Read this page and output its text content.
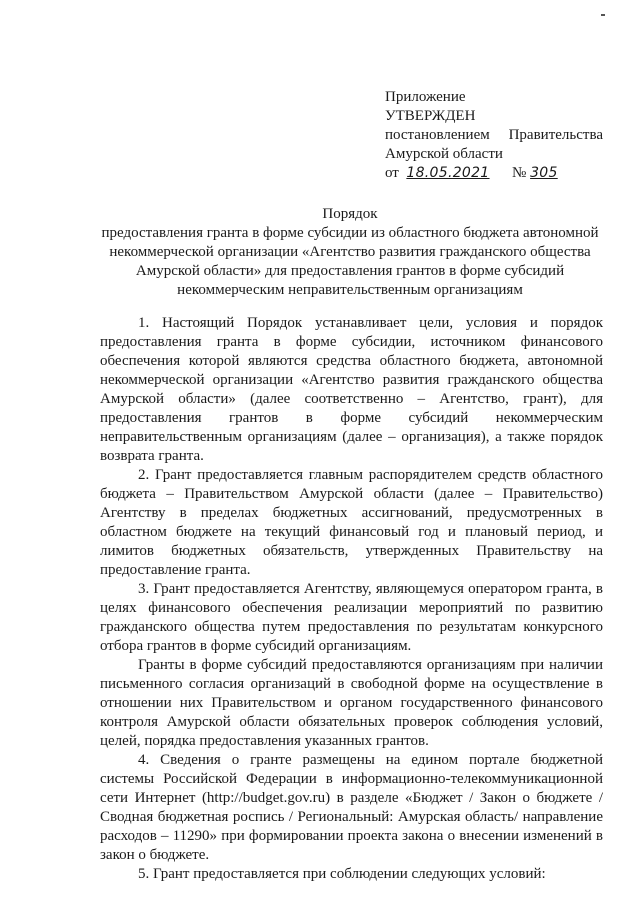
Приложение
УТВЕРЖДЕН
постановлением Правительства
Амурской области
от 18.05.2021 № 305
Порядок
предоставления гранта в форме субсидии из областного бюджета автономной
некоммерческой организации «Агентство развития гражданского общества
Амурской области» для предоставления грантов в форме субсидий
некоммерческим неправительственным организациям

1. Настоящий Порядок устанавливает цели, условия и порядок предоставления гранта в форме субсидии, источником финансового обеспечения которой являются средства областного бюджета, автономной некоммерческой организации «Агентство развития гражданского общества Амурской области» (далее соответственно – Агентство, грант), для предоставления грантов в форме субсидий некоммерческим неправительственным организациям (далее – организация), а также порядок возврата гранта.

2. Грант предоставляется главным распорядителем средств областного бюджета – Правительством Амурской области (далее – Правительство) Агентству в пределах бюджетных ассигнований, предусмотренных в областном бюджете на текущий финансовый год и плановый период, и лимитов бюджетных обязательств, утвержденных Правительству на предоставление гранта.

3. Грант предоставляется Агентству, являющемуся оператором гранта, в целях финансового обеспечения реализации мероприятий по развитию гражданского общества путем предоставления по результатам конкурсного отбора грантов в форме субсидий организациям.

Гранты в форме субсидий предоставляются организациям при наличии письменного согласия организаций в свободной форме на осуществление в отношении них Правительством и органом государственного финансового контроля Амурской области обязательных проверок соблюдения условий, целей, порядка предоставления указанных грантов.

4. Сведения о гранте размещены на едином портале бюджетной системы Российской Федерации в информационно-телекоммуникационной сети Интернет (http://budget.gov.ru) в разделе «Бюджет / Закон о бюджете / Сводная бюджетная роспись / Региональный: Амурская область/ направление расходов – 11290» при формировании проекта закона о внесении изменений в закон о бюджете.

5. Грант предоставляется при соблюдении следующих условий:
